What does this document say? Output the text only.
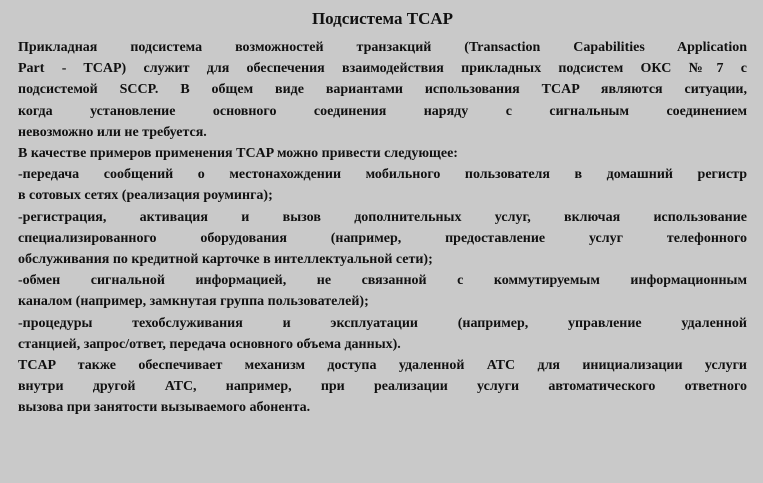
Подсистема TCAP

Прикладная подсистема возможностей транзакций (Transaction Capabilities Application
Part - TCAP) служит для обеспечения взаимодействия прикладных подсистем ОКС №7 с
подсистемой SCCP. В общем виде вариантами использования TCAP являются ситуации,
когда установление основного соединения наряду с сигнальным соединением
невозможно или не требуется.

В качестве примеров применения TCAP можно привести следующее:

-передача сообщений о местонахождении мобильного пользователя в домашний регистр
в сотовых сетях (реализация роуминга);

-регистрация, активация и вызов дополнительных услуг, включая использование
специализированного оборудования (например, предоставление услуг телефонного
обслуживания по кредитной карточке в интеллектуальной сети);

-обмен сигнальной информацией, не связанной с коммутируемым информационным
каналом (например, замкнутая группа пользователей);

-процедуры техобслуживания и эксплуатации (например, управление удаленной
станцией, запрос/ответ, передача основного объема данных).

TCAP также обеспечивает механизм доступа удаленной АТС для инициализации услуги
внутри другой АТС, например, при реализации услуги автоматического ответного
вызова при занятости вызываемого абонента.
